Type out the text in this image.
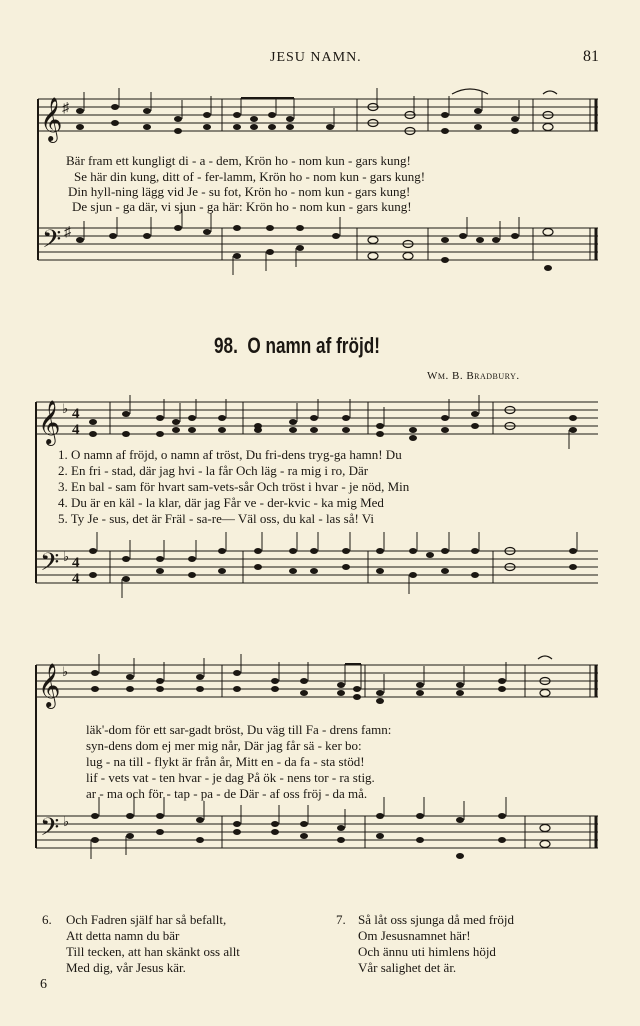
JESU NAMN.	81
𝄞
𝄢
♯
♯
Bär fram ett kungligt di - a - dem, Krön ho - nom kun - gars kung!
Se här din kung, ditt of - fer-lamm, Krön ho - nom kun - gars kung!
Din hyll-ning lägg vid Je - su fot, Krön ho - nom kun - gars kung!
De sjun - ga där, vi sjun - ga här: Krön ho - nom kun - gars kung!
98. O namn af fröjd!
Wm. B. Bradbury.
𝄞
𝄢
♭
♭
4
4
4
4
1. O namn af fröjd, o namn af tröst, Du fri-dens tryg-ga hamn! Du
2. En fri - stad, där jag hvi - la får Och läg - ra mig i ro, Där
3. En bal - sam för hvart sam-vets-sår Och tröst i hvar - je nöd, Min
4. Du är en käl - la klar, där jag Får ve - der-kvic - ka mig Med
5. Ty Je - sus, det är Fräl - sa-re— Väl oss, du kal - las så! Vi
𝄞
𝄢
♭
♭
läk'-dom för ett sar-gadt bröst, Du väg till Fa - drens famn:
syn-dens dom ej mer mig når, Där jag får sä - ker bo:
lug - na till - flykt är från år, Mitt en - da fa - sta stöd!
lif - vets vat - ten hvar - je dag På ök - nens tor - ra stig.
ar - ma och för - tap - pa - de Där - af oss fröj - da må.
6. Och Fadren själf har så befallt,
Att detta namn du bär
Till tecken, att han skänkt oss allt
Med dig, vår Jesus kär.
7. Så låt oss sjunga då med fröjd
Om Jesusnamnet här!
Och ännu uti himlens höjd
Vår salighet det är.
6
